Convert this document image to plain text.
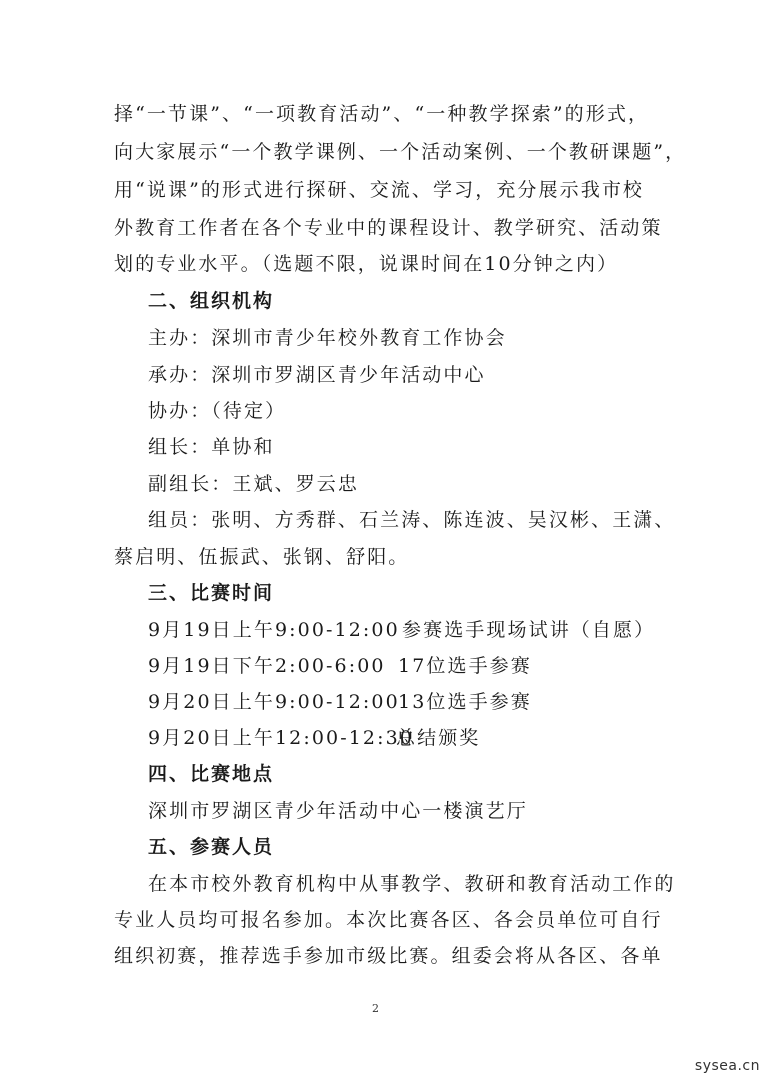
择“一节课”、“一项教育活动”、“一种教学探索”的形式，
向大家展示“一个教学课例、一个活动案例、一个教研课题”，
用“说课”的形式进行探研、交流、学习，充分展示我市校
外教育工作者在各个专业中的课程设计、教学研究、活动策
划的专业水平。（选题不限，说课时间在10分钟之内）
二、组织机构
主办：深圳市青少年校外教育工作协会
承办：深圳市罗湖区青少年活动中心
协办：（待定）
组长：单协和
副组长：王斌、罗云忠
组员：张明、方秀群、石兰涛、陈连波、吴汉彬、王潇、
蔡启明、伍振武、张钢、舒阳。
三、比赛时间
9月19日上午9:00-12:00 参赛选手现场试讲（自愿）
9月19日下午2:00-6:00 17位选手参赛
9月20日上午9:00-12:00
13位选手参赛
9月20日上午12:00-12:30
总结颁奖
四、比赛地点
深圳市罗湖区青少年活动中心一楼演艺厅
五、参赛人员
在本市校外教育机构中从事教学、教研和教育活动工作的
专业人员均可报名参加。本次比赛各区、各会员单位可自行
组织初赛，推荐选手参加市级比赛。组委会将从各区、各单
2
sysea.cn
